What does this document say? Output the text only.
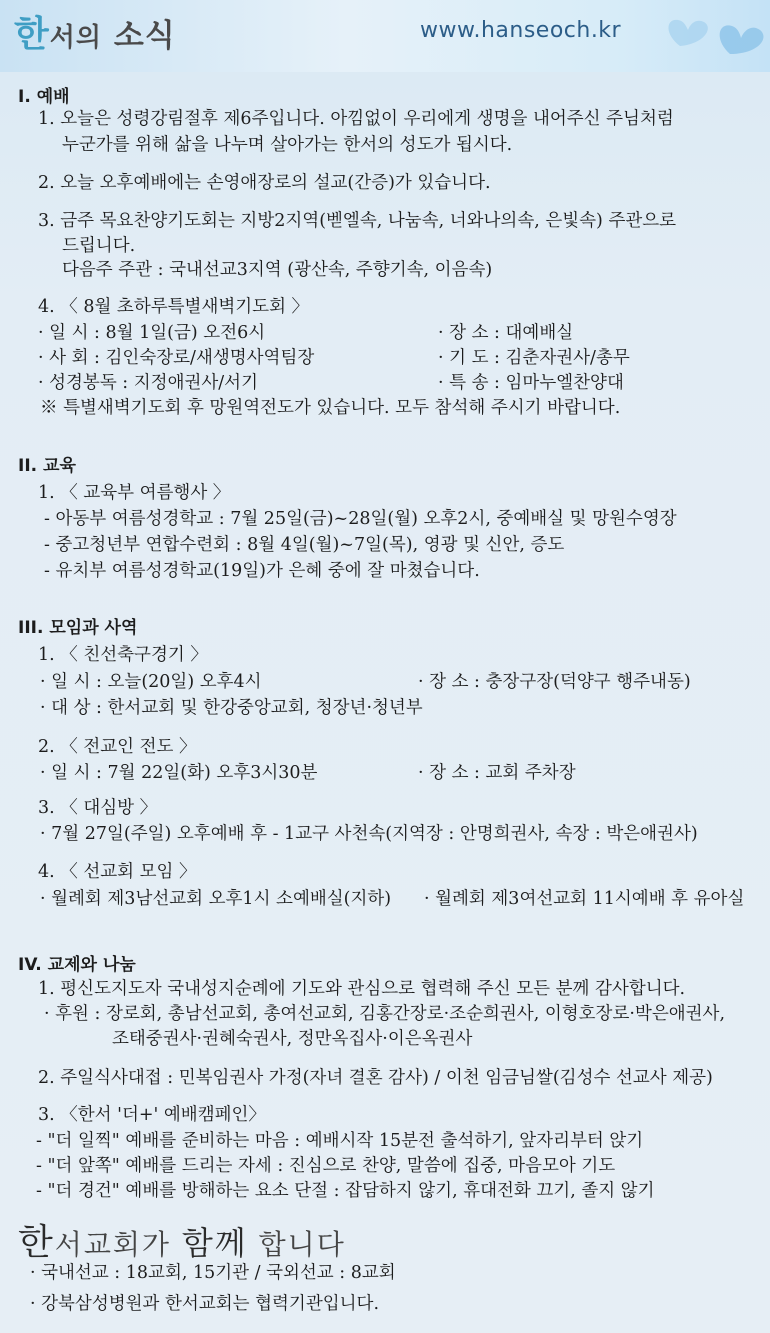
한서의 소식	www.hanseoch.kr
I. 예배
1. 오늘은 성령강림절후 제6주입니다. 아낌없이 우리에게 생명을 내어주신 주님처럼
누군가를 위해 삶을 나누며 살아가는 한서의 성도가 됩시다.
2. 오늘 오후예배에는 손영애장로의 설교(간증)가 있습니다.
3. 금주 목요찬양기도회는 지방2지역(벧엘속, 나눔속, 너와나의속, 은빛속) 주관으로
드립니다.
다음주 주관 : 국내선교3지역 (광산속, 주향기속, 이음속)
4. 〈 8월 초하루특별새벽기도회 〉
· 일 시 : 8월 1일(금) 오전6시	· 장 소 : 대예배실
· 사 회 : 김인숙장로/새생명사역팀장	· 기 도 : 김춘자권사/총무
· 성경봉독 : 지정애권사/서기	· 특 송 : 임마누엘찬양대
※ 특별새벽기도회 후 망원역전도가 있습니다. 모두 참석해 주시기 바랍니다.
II. 교육
1. 〈 교육부 여름행사 〉
- 아동부 여름성경학교 : 7월 25일(금)~28일(월) 오후2시, 중예배실 및 망원수영장
- 중고청년부 연합수련회 : 8월 4일(월)~7일(목), 영광 및 신안, 증도
- 유치부 여름성경학교(19일)가 은혜 중에 잘 마쳤습니다.
III. 모임과 사역
1. 〈 친선축구경기 〉
· 일 시 : 오늘(20일) 오후4시	· 장 소 : 충장구장(덕양구 행주내동)
· 대 상 : 한서교회 및 한강중앙교회, 청장년·청년부
2. 〈 전교인 전도 〉
· 일 시 : 7월 22일(화) 오후3시30분	· 장 소 : 교회 주차장
3. 〈 대심방 〉
· 7월 27일(주일) 오후예배 후 - 1교구 사천속(지역장 : 안명희권사, 속장 : 박은애권사)
4. 〈 선교회 모임 〉
· 월례회 제3남선교회 오후1시 소예배실(지하) · 월례회 제3여선교회 11시예배 후 유아실
IV. 교제와 나눔
1. 평신도지도자 국내성지순례에 기도와 관심으로 협력해 주신 모든 분께 감사합니다.
· 후원 : 장로회, 총남선교회, 총여선교회, 김홍간장로·조순희권사, 이형호장로·박은애권사,
조태중권사·권혜숙권사, 정만옥집사·이은옥권사
2. 주일식사대접 : 민복임권사 가정(자녀 결혼 감사) / 이천 임금님쌀(김성수 선교사 제공)
3. 〈한서 '더+' 예배캠페인〉
- "더 일찍" 예배를 준비하는 마음 : 예배시작 15분전 출석하기, 앞자리부터 앉기
- "더 앞쪽" 예배를 드리는 자세 : 진심으로 찬양, 말씀에 집중, 마음모아 기도
- "더 경건" 예배를 방해하는 요소 단절 : 잡담하지 않기, 휴대전화 끄기, 졸지 않기
한서교회가 함께 합니다
· 국내선교 : 18교회, 15기관 / 국외선교 : 8교회
· 강북삼성병원과 한서교회는 협력기관입니다.
